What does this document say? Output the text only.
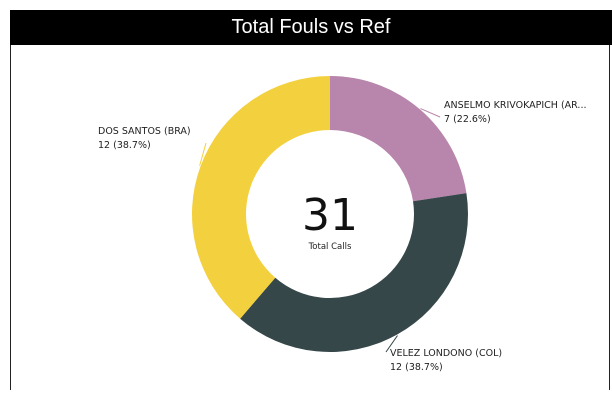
Total Fouls vs Ref
31
Total Calls
ANSELMO KRIVOKAPICH (AR... 7 (22.6%)
VELEZ LONDONO (COL) 12 (38.7%)
DOS SANTOS (BRA) 12 (38.7%)
